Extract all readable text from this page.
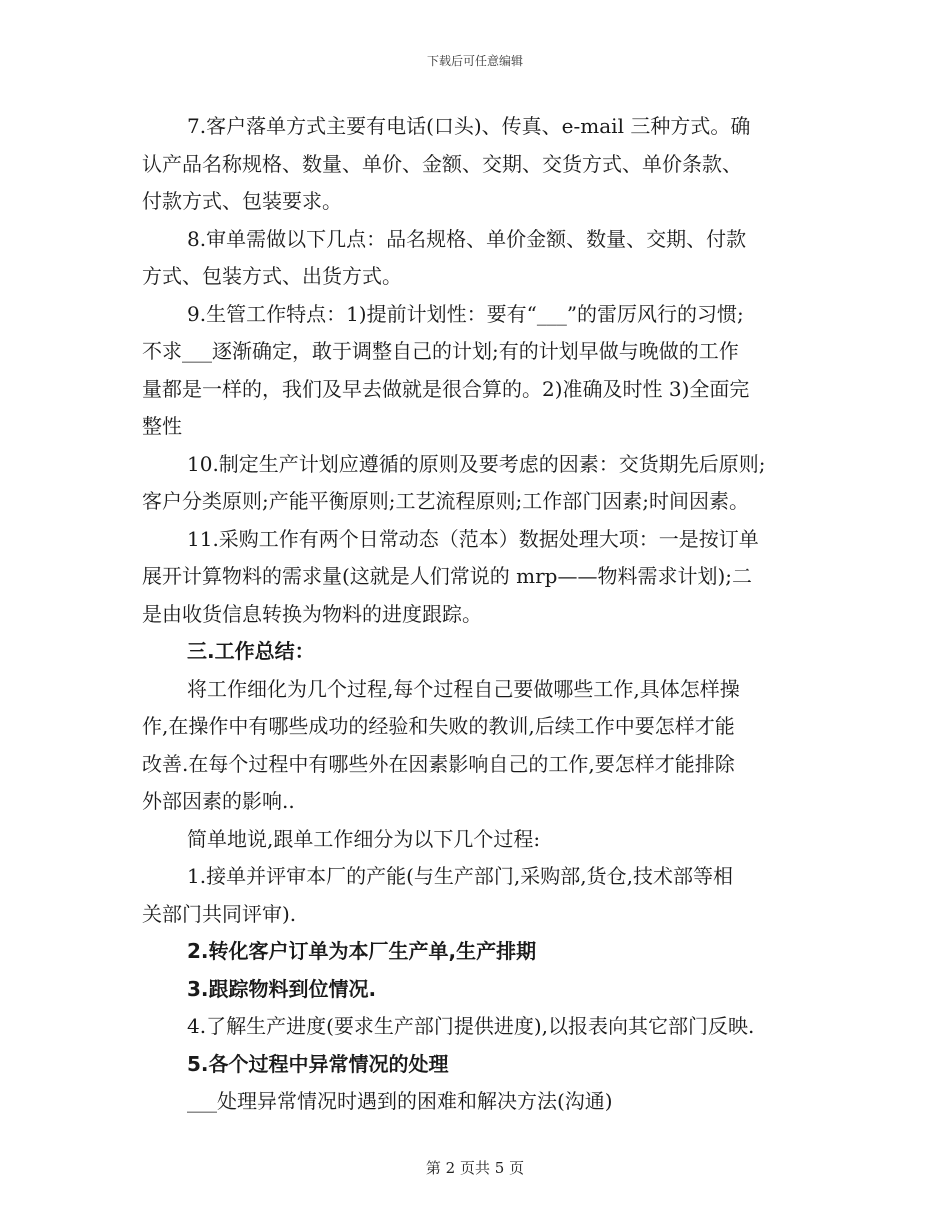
下载后可任意编辑
7.客户落单方式主要有电话(口头)、传真、e-mail 三种方式。确
认产品名称规格、数量、单价、金额、交期、交货方式、单价条款、
付款方式、包装要求。
8.审单需做以下几点：品名规格、单价金额、数量、交期、付款
方式、包装方式、出货方式。
9.生管工作特点：1)提前计划性：要有“___”的雷厉风行的习惯;
不求___逐渐确定，敢于调整自己的计划;有的计划早做与晚做的工作
量都是一样的，我们及早去做就是很合算的。2)准确及时性 3)全面完
整性
10.制定生产计划应遵循的原则及要考虑的因素：交货期先后原则;
客户分类原则;产能平衡原则;工艺流程原则;工作部门因素;时间因素。
11.采购工作有两个日常动态（范本）数据处理大项：一是按订单
展开计算物料的需求量(这就是人们常说的 mrp——物料需求计划);二
是由收货信息转换为物料的进度跟踪。
三.工作总结：
将工作细化为几个过程,每个过程自己要做哪些工作,具体怎样操
作,在操作中有哪些成功的经验和失败的教训,后续工作中要怎样才能
改善.在每个过程中有哪些外在因素影响自己的工作,要怎样才能排除
外部因素的影响..
简单地说,跟单工作细分为以下几个过程:
1.接单并评审本厂的产能(与生产部门,采购部,货仓,技术部等相
关部门共同评审).
2.转化客户订单为本厂生产单,生产排期
3.跟踪物料到位情况.
4.了解生产进度(要求生产部门提供进度),以报表向其它部门反映.
5.各个过程中异常情况的处理
___处理异常情况时遇到的困难和解决方法(沟通)
第 2 页共 5 页
